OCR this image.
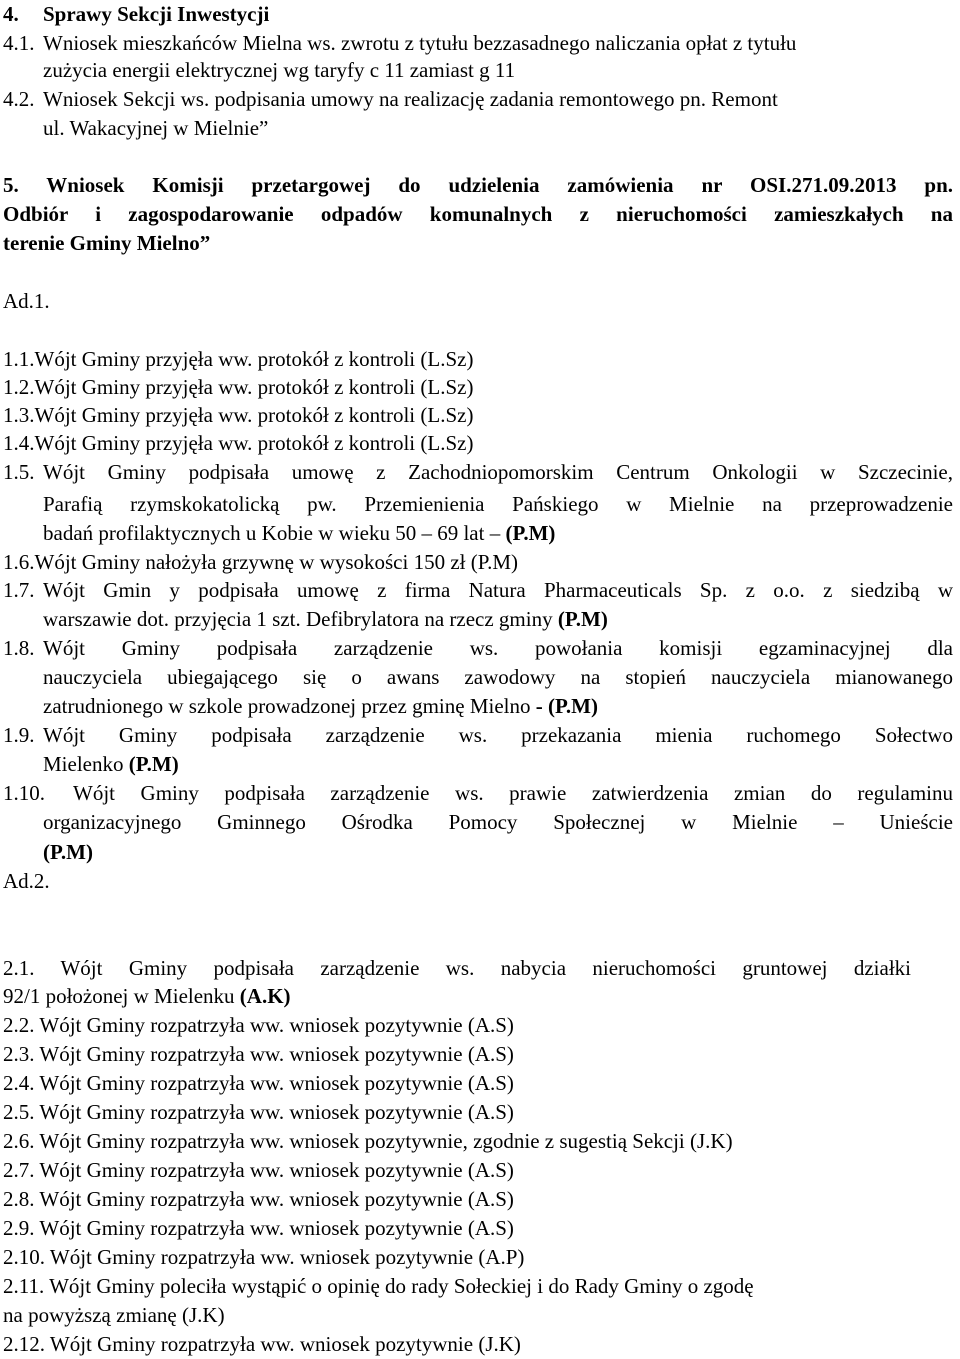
4. Sprawy Sekcji Inwestycji
4.1. Wniosek mieszkańców Mielna ws. zwrotu z tytułu bezzasadnego naliczania opłat z tytułu
zużycia energii elektrycznej wg taryfy c 11 zamiast g 11
4.2. Wniosek Sekcji ws. podpisania umowy na realizację zadania remontowego pn. Remont
ul. Wakacyjnej w Mielnie”
5. Wniosek Komisji przetargowej do udzielenia zamówienia nr OSI.271.09.2013 pn.
Odbiór i zagospodarowanie odpadów komunalnych z nieruchomości zamieszkałych na
terenie Gminy Mielno”
Ad.1.
1.1.Wójt Gminy przyjęła ww. protokół z kontroli (L.Sz)
1.2.Wójt Gminy przyjęła ww. protokół z kontroli (L.Sz)
1.3.Wójt Gminy przyjęła ww. protokół z kontroli (L.Sz)
1.4.Wójt Gminy przyjęła ww. protokół z kontroli (L.Sz)
1.5. Wójt Gminy podpisała umowę z Zachodniopomorskim Centrum Onkologii w Szczecinie,
Parafią rzymskokatolicką pw. Przemienienia Pańskiego w Mielnie na przeprowadzenie
badań profilaktycznych u Kobie w wieku 50 – 69 lat – (P.M)
1.6.Wójt Gminy nałożyła grzywnę w wysokości 150 zł (P.M)
1.7. Wójt Gmin y podpisała umowę z firma Natura Pharmaceuticals Sp. z o.o. z siedzibą w
warszawie dot. przyjęcia 1 szt. Defibrylatora na rzecz gminy (P.M)
1.8. Wójt Gminy podpisała zarządzenie ws. powołania komisji egzaminacyjnej dla
nauczyciela ubiegającego się o awans zawodowy na stopień nauczyciela mianowanego
zatrudnionego w szkole prowadzonej przez gminę Mielno - (P.M)
1.9. Wójt Gminy podpisała zarządzenie ws. przekazania mienia ruchomego Sołectwo
Mielenko (P.M)
1.10. Wójt Gminy podpisała zarządzenie ws. prawie zatwierdzenia zmian do regulaminu
organizacyjnego Gminnego Ośrodka Pomocy Społecznej w Mielnie – Unieście
(P.M)
Ad.2.
2.1. Wójt Gminy podpisała zarządzenie ws. nabycia nieruchomości gruntowej działki
92/1 położonej w Mielenku (A.K)
2.2. Wójt Gminy rozpatrzyła ww. wniosek pozytywnie (A.S)
2.3. Wójt Gminy rozpatrzyła ww. wniosek pozytywnie (A.S)
2.4. Wójt Gminy rozpatrzyła ww. wniosek pozytywnie (A.S)
2.5. Wójt Gminy rozpatrzyła ww. wniosek pozytywnie (A.S)
2.6. Wójt Gminy rozpatrzyła ww. wniosek pozytywnie, zgodnie z sugestią Sekcji (J.K)
2.7. Wójt Gminy rozpatrzyła ww. wniosek pozytywnie (A.S)
2.8. Wójt Gminy rozpatrzyła ww. wniosek pozytywnie (A.S)
2.9. Wójt Gminy rozpatrzyła ww. wniosek pozytywnie (A.S)
2.10. Wójt Gminy rozpatrzyła ww. wniosek pozytywnie (A.P)
2.11. Wójt Gminy poleciła wystąpić o opinię do rady Sołeckiej i do Rady Gminy o zgodę
na powyższą zmianę (J.K)
2.12. Wójt Gminy rozpatrzyła ww. wniosek pozytywnie (J.K)
